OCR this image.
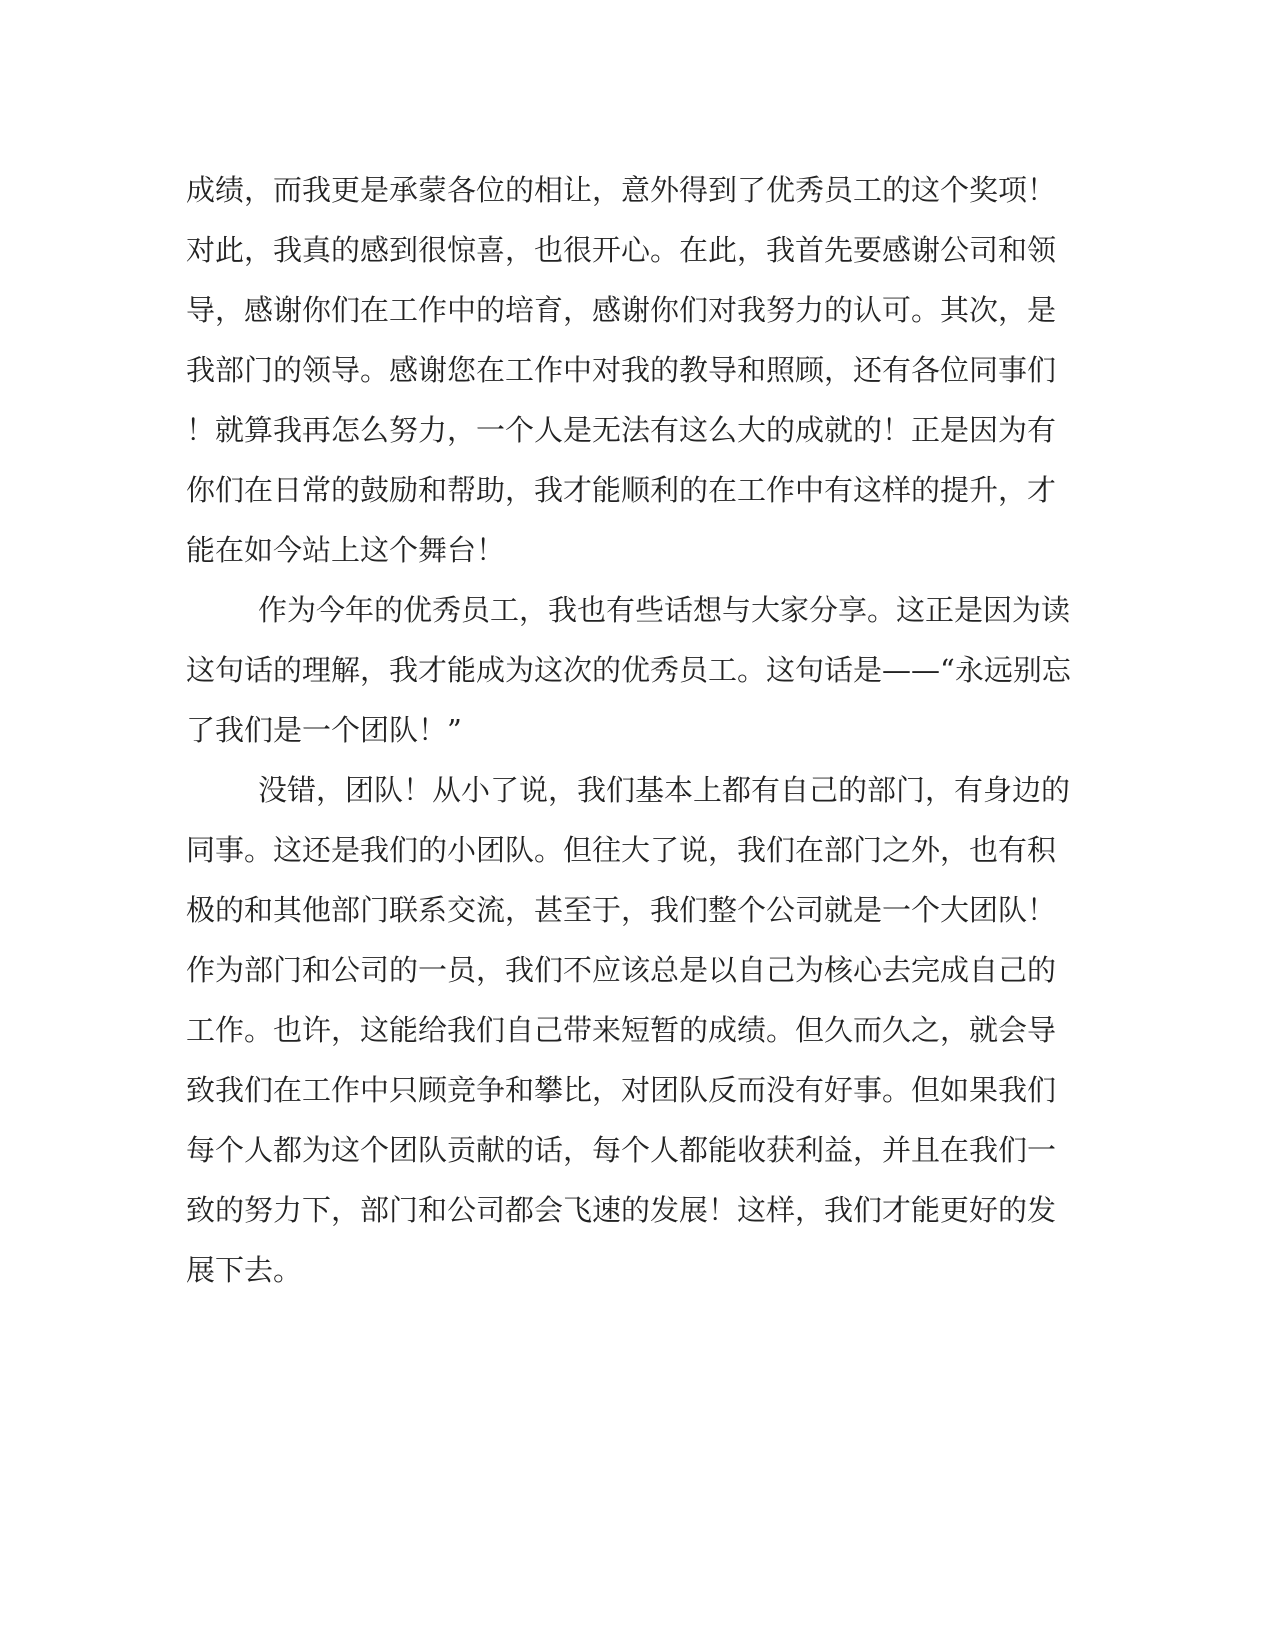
成绩，而我更是承蒙各位的相让，意外得到了优秀员工的这个奖项！
对此，我真的感到很惊喜，也很开心。在此，我首先要感谢公司和领
导，感谢你们在工作中的培育，感谢你们对我努力的认可。其次，是
我部门的领导。感谢您在工作中对我的教导和照顾，还有各位同事们
！就算我再怎么努力，一个人是无法有这么大的成就的！正是因为有
你们在日常的鼓励和帮助，我才能顺利的在工作中有这样的提升，才
能在如今站上这个舞台！
作为今年的优秀员工，我也有些话想与大家分享。这正是因为读
这句话的理解，我才能成为这次的优秀员工。这句话是——“永远别忘
了我们是一个团队！”
没错，团队！从小了说，我们基本上都有自己的部门，有身边的
同事。这还是我们的小团队。但往大了说，我们在部门之外，也有积
极的和其他部门联系交流，甚至于，我们整个公司就是一个大团队！
作为部门和公司的一员，我们不应该总是以自己为核心去完成自己的
工作。也许，这能给我们自己带来短暂的成绩。但久而久之，就会导
致我们在工作中只顾竞争和攀比，对团队反而没有好事。但如果我们
每个人都为这个团队贡献的话，每个人都能收获利益，并且在我们一
致的努力下，部门和公司都会飞速的发展！这样，我们才能更好的发
展下去。
